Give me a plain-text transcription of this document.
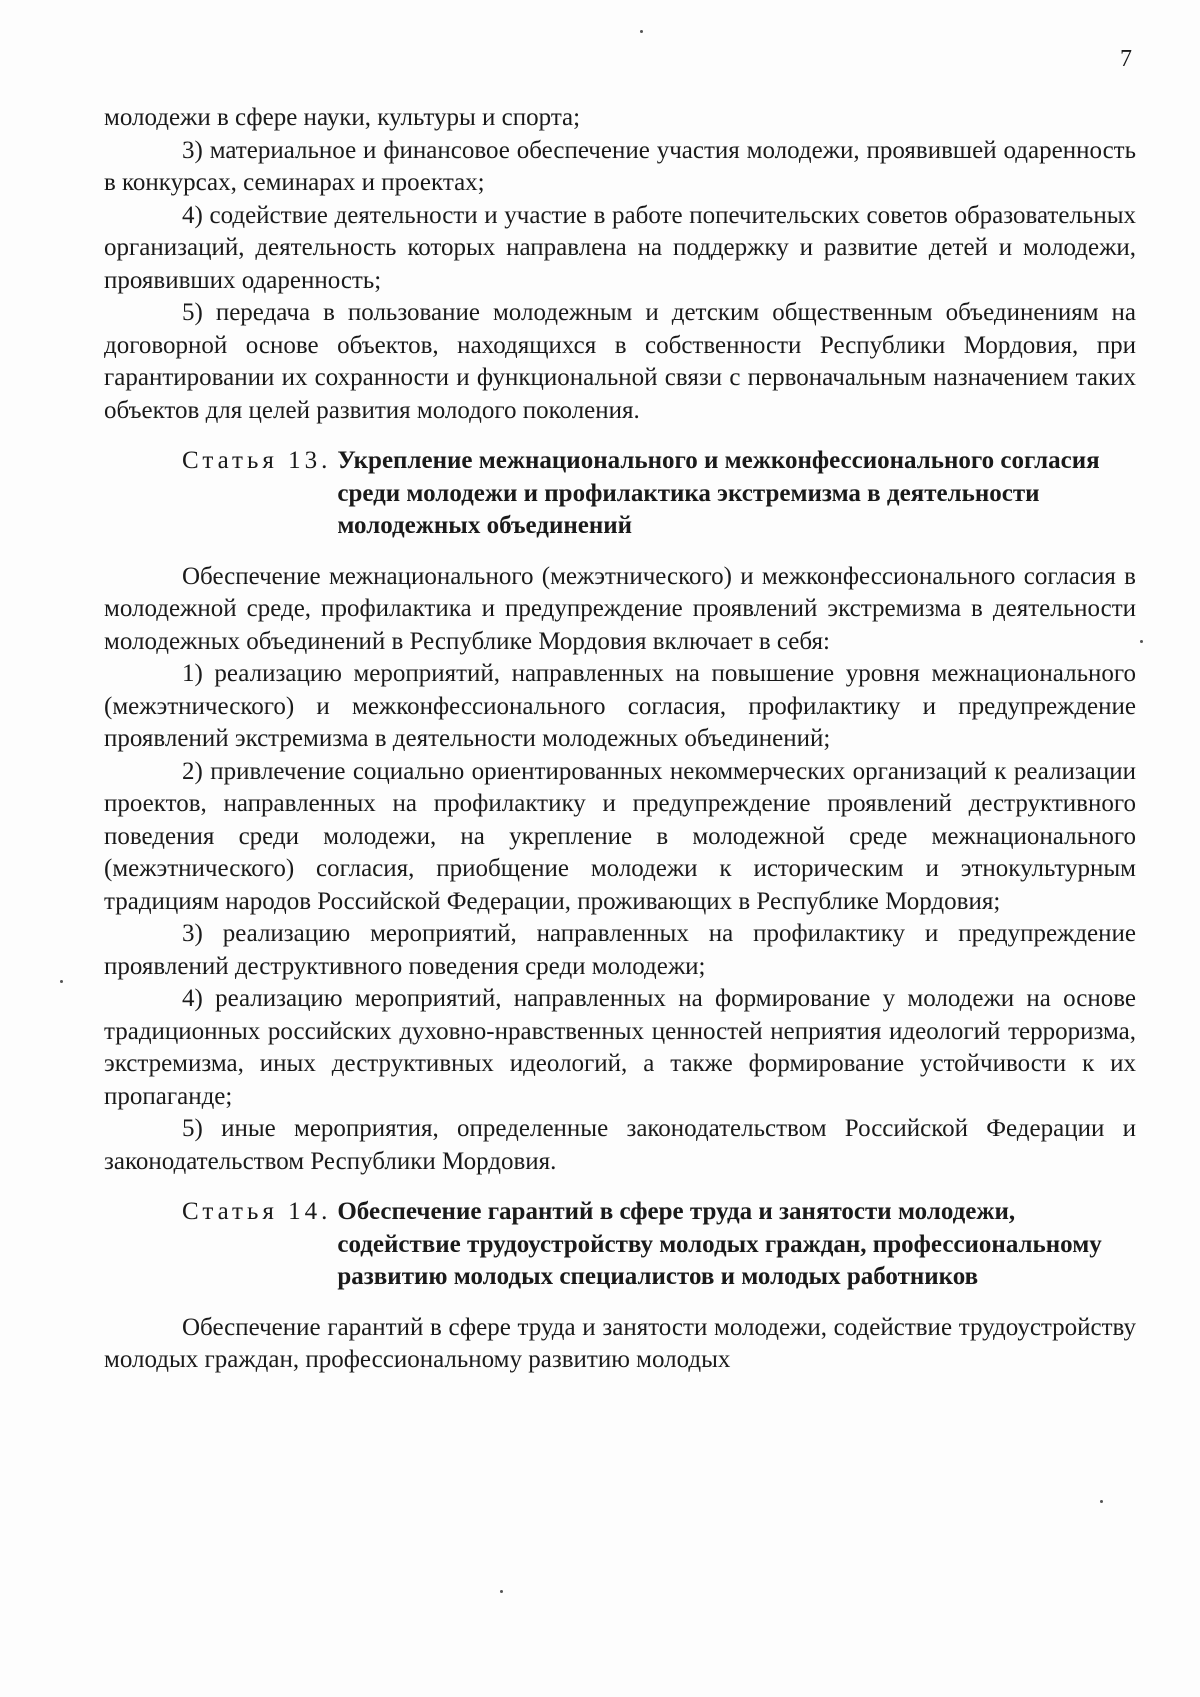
7

молодежи в сфере науки, культуры и спорта;

3) материальное и финансовое обеспечение участия молодежи, проявившей одаренность в конкурсах, семинарах и проектах;

4) содействие деятельности и участие в работе попечительских советов образовательных организаций, деятельность которых направлена на поддержку и развитие детей и молодежи, проявивших одаренность;

5) передача в пользование молодежным и детским общественным объединениям на договорной основе объектов, находящихся в собственности Республики Мордовия, при гарантировании их сохранности и функциональной связи с первоначальным назначением таких объектов для целей развития молодого поколения.

Статья 13. Укрепление межнационального и межконфессионального согласия среди молодежи и профилактика экстремизма в деятельности молодежных объединений

Обеспечение межнационального (межэтнического) и межконфессионального согласия в молодежной среде, профилактика и предупреждение проявлений экстремизма в деятельности молодежных объединений в Республике Мордовия включает в себя:

1) реализацию мероприятий, направленных на повышение уровня межнационального (межэтнического) и межконфессионального согласия, профилактику и предупреждение проявлений экстремизма в деятельности молодежных объединений;

2) привлечение социально ориентированных некоммерческих организаций к реализации проектов, направленных на профилактику и предупреждение проявлений деструктивного поведения среди молодежи, на укрепление в молодежной среде межнационального (межэтнического) согласия, приобщение молодежи к историческим и этнокультурным традициям народов Российской Федерации, проживающих в Республике Мордовия;

3) реализацию мероприятий, направленных на профилактику и предупреждение проявлений деструктивного поведения среди молодежи;

4) реализацию мероприятий, направленных на формирование у молодежи на основе традиционных российских духовно-нравственных ценностей неприятия идеологий терроризма, экстремизма, иных деструктивных идеологий, а также формирование устойчивости к их пропаганде;

5) иные мероприятия, определенные законодательством Российской Федерации и законодательством Республики Мордовия.

Статья 14. Обеспечение гарантий в сфере труда и занятости молодежи, содействие трудоустройству молодых граждан, профессиональному развитию молодых специалистов и молодых работников

Обеспечение гарантий в сфере труда и занятости молодежи, содействие трудоустройству молодых граждан, профессиональному развитию молодых
